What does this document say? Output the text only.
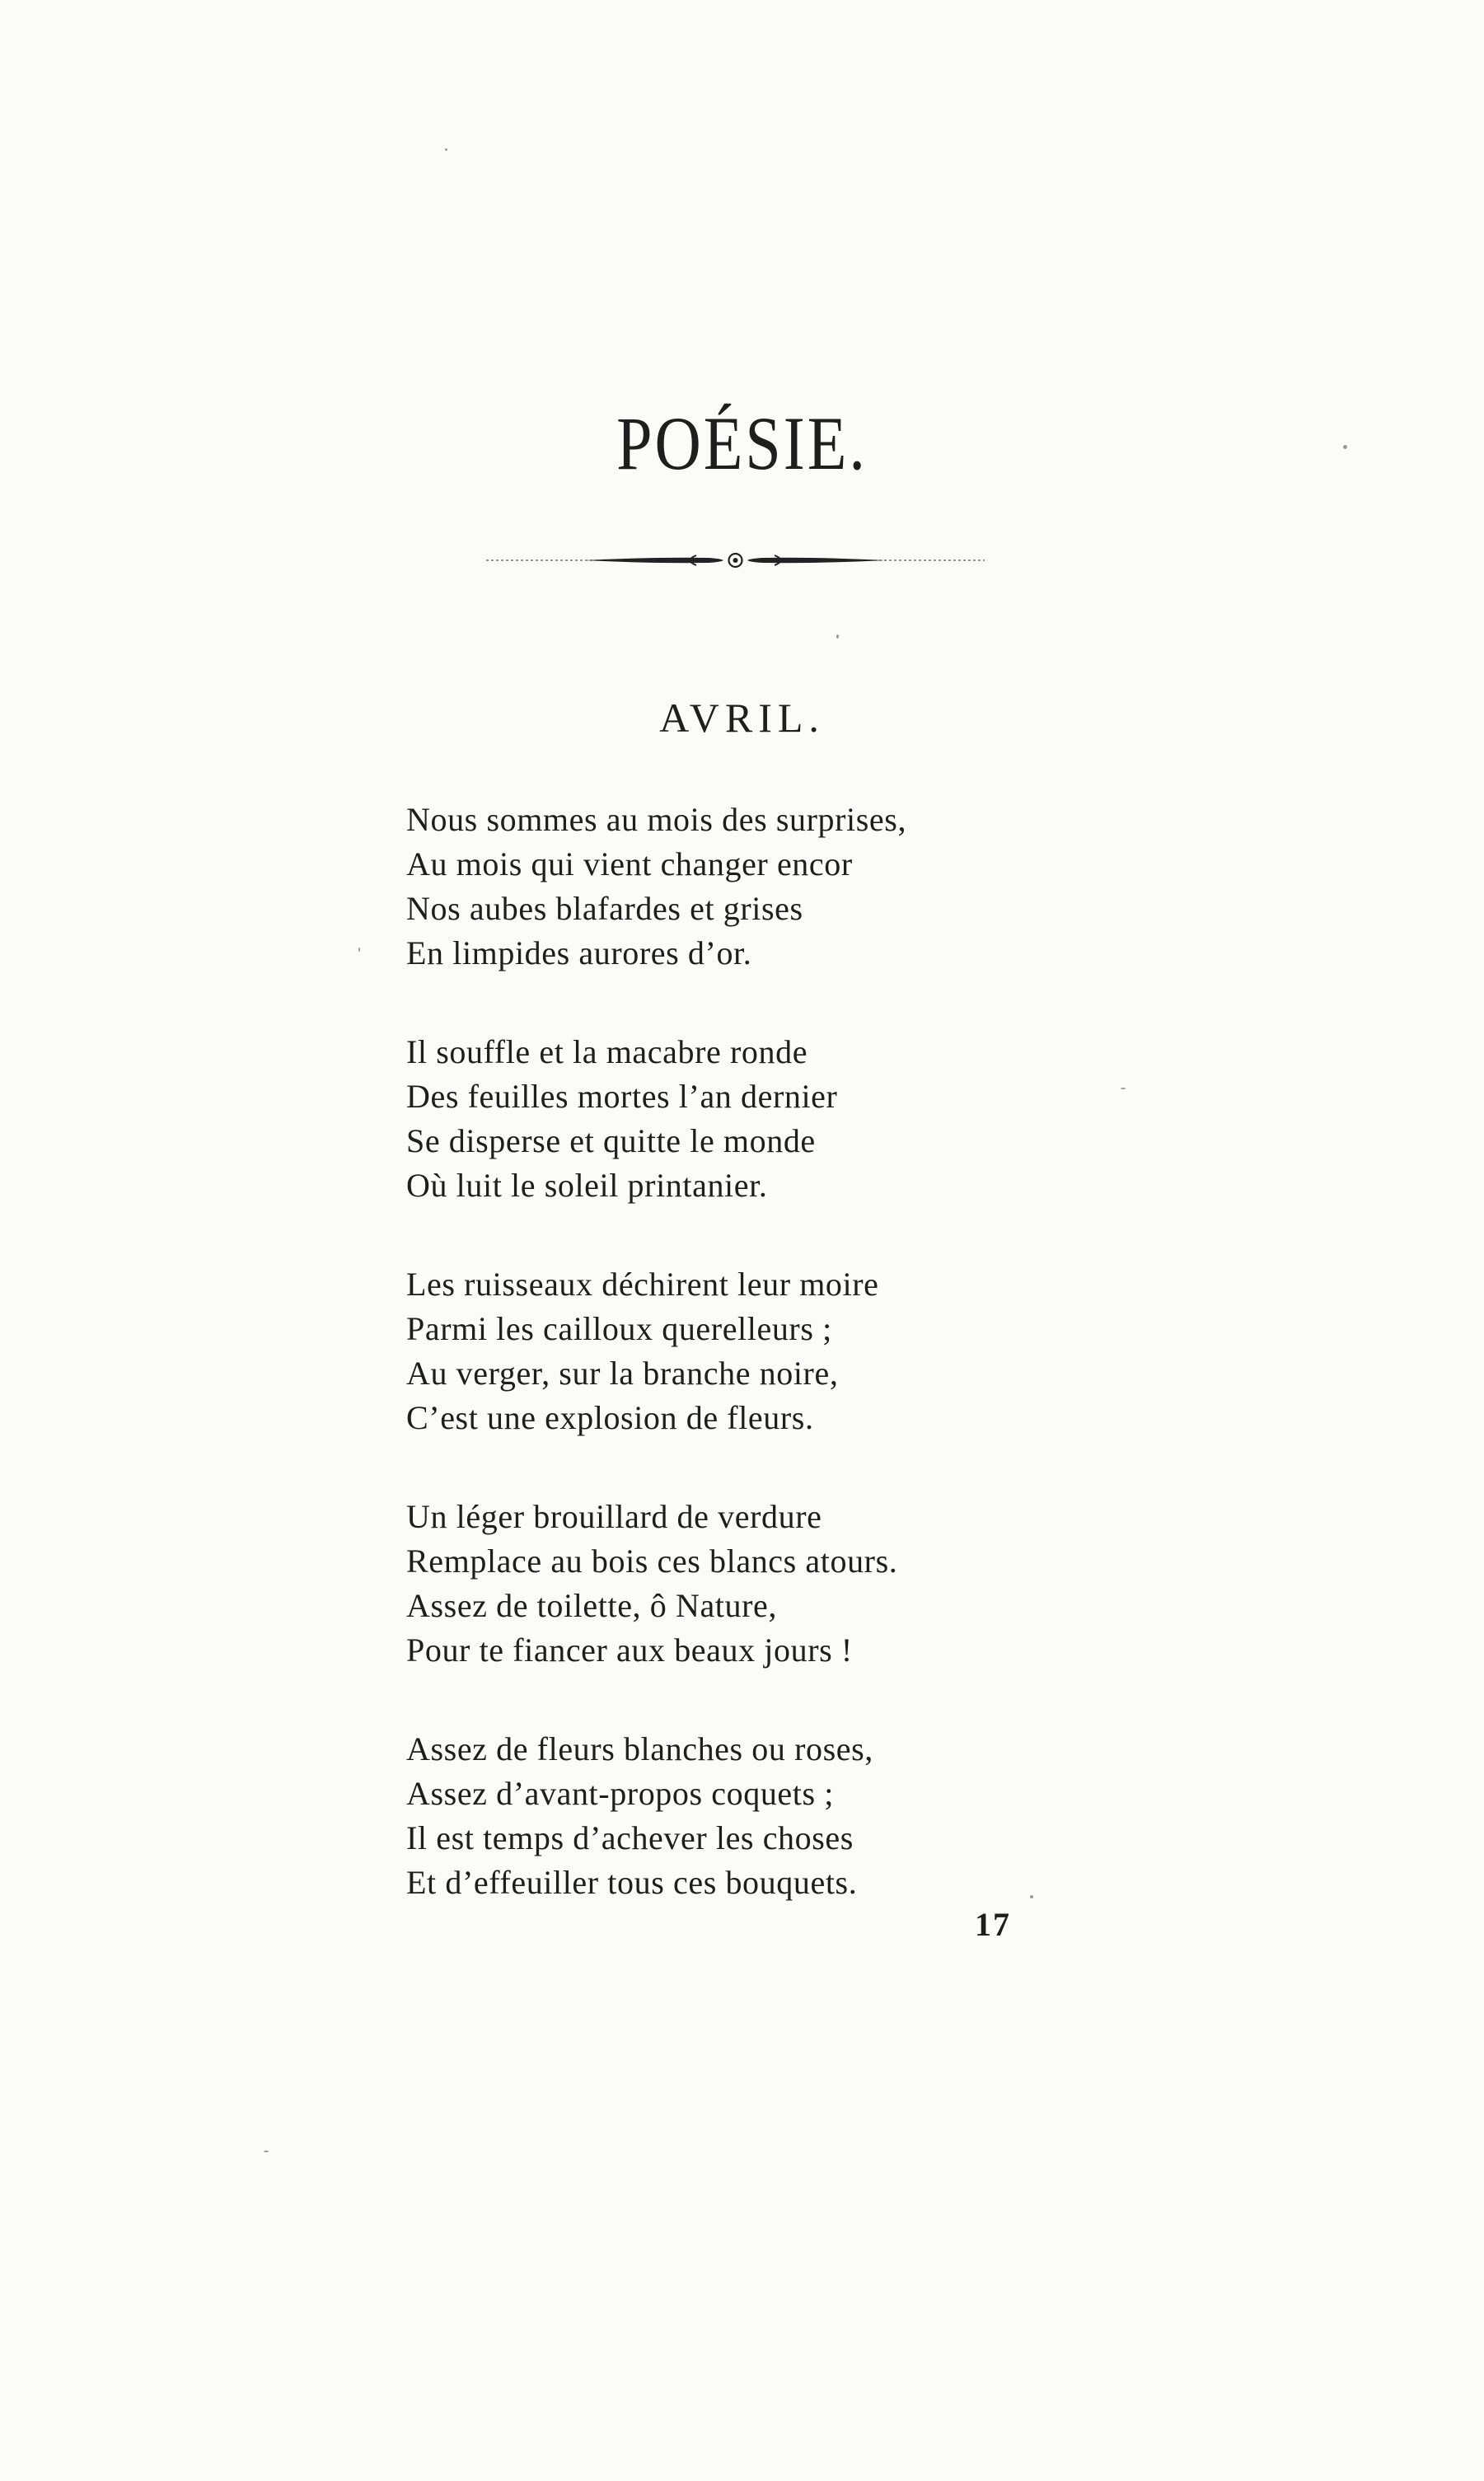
POÉSIE.
AVRIL.
Nous sommes au mois des surprises,
Au mois qui vient changer encor
Nos aubes blafardes et grises
En limpides aurores d’or.
Il souffle et la macabre ronde
Des feuilles mortes l’an dernier
Se disperse et quitte le monde
Où luit le soleil printanier.
Les ruisseaux déchirent leur moire
Parmi les cailloux querelleurs ;
Au verger, sur la branche noire,
C’est une explosion de fleurs.
Un léger brouillard de verdure
Remplace au bois ces blancs atours.
Assez de toilette, ô Nature,
Pour te fiancer aux beaux jours !
Assez de fleurs blanches ou roses,
Assez d’avant-propos coquets ;
Il est temps d’achever les choses
Et d’effeuiller tous ces bouquets.
17
